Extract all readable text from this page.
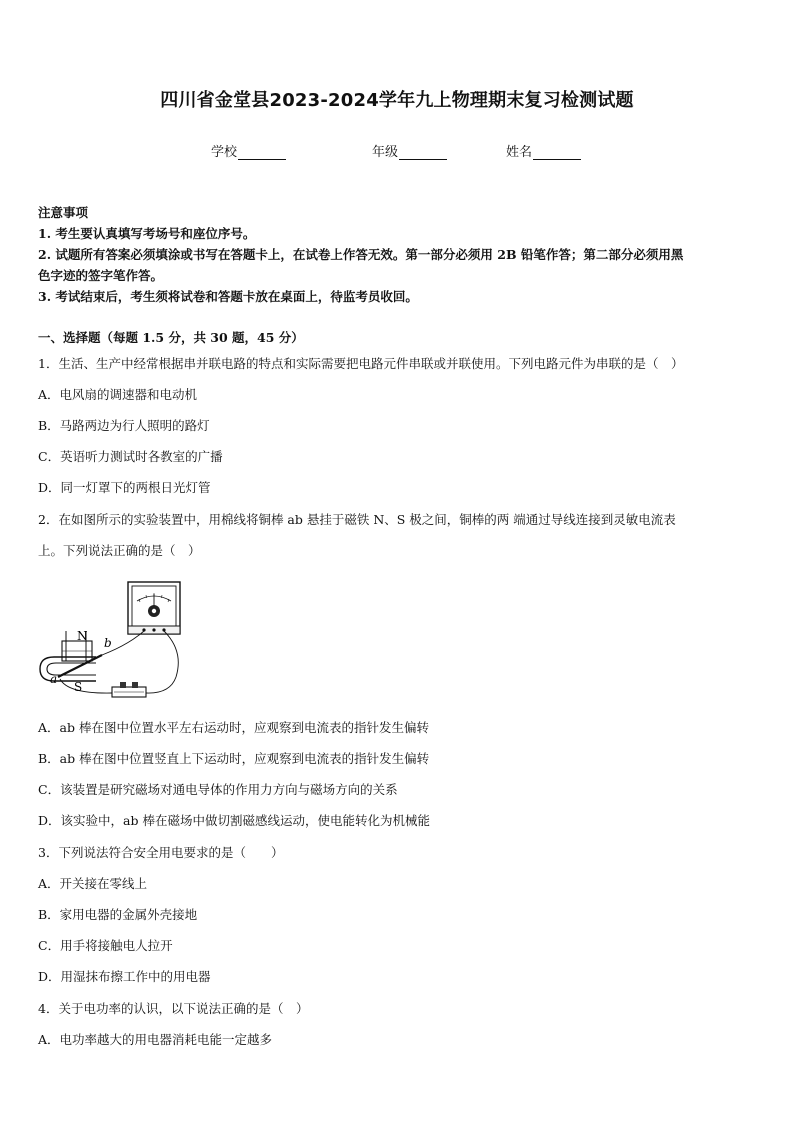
四川省金堂县2023-2024学年九上物理期末复习检测试题
学校	年级	姓名
注意事项
1. 考生要认真填写考场号和座位序号。
2. 试题所有答案必须填涂或书写在答题卡上，在试卷上作答无效。第一部分必须用 2B 铅笔作答；第二部分必须用黑
色字迹的签字笔作答。
3. 考试结束后，考生须将试卷和答题卡放在桌面上，待监考员收回。
一、选择题（每题 1.5 分，共 30 题，45 分）
1．生活、生产中经常根据串并联电路的特点和实际需要把电路元件串联或并联使用。下列电路元件为串联的是（　）
A．电风扇的调速器和电动机
B．马路两边为行人照明的路灯
C．英语听力测试时各教室的广播
D．同一灯罩下的两根日光灯管
2．在如图所示的实验装置中，用棉线将铜棒 ab 悬挂于磁铁 N、S 极之间，铜棒的两 端通过导线连接到灵敏电流表
上。下列说法正确的是（　）
N
S
a
b
A．ab 棒在图中位置水平左右运动时，应观察到电流表的指针发生偏转
B．ab 棒在图中位置竖直上下运动时，应观察到电流表的指针发生偏转
C．该装置是研究磁场对通电导体的作用力方向与磁场方向的关系
D．该实验中，ab 棒在磁场中做切割磁感线运动，使电能转化为机械能
3．下列说法符合安全用电要求的是（　　）
A．开关接在零线上
B．家用电器的金属外壳接地
C．用手将接触电人拉开
D．用湿抹布擦工作中的用电器
4．关于电功率的认识，以下说法正确的是（　）
A．电功率越大的用电器消耗电能一定越多
